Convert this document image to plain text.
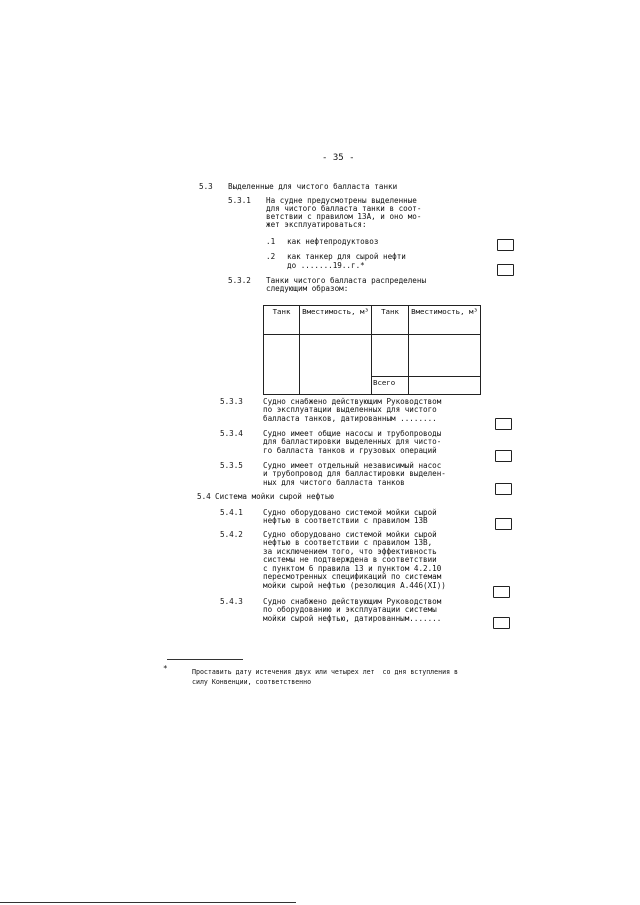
- 35 -
5.3 Выделенные для чистого балласта танки
5.3.1 На судне предусмотрены выделенные
для чистого балласта танки в соот-
ветствии с правилом 13А, и оно мо-
жет эксплуатироваться:
.1 как нефтепродуктовоз
.2 как танкер для сырой нефти
до .......19..г.*
5.3.2 Танки чистого балласта распределены
следующим образом:
Танк	Вместимость, м³	Танк	Вместимость, м³

		Всего	
5.3.3	Судно снабжено действующим Руководством
по эксплуатации выделенных для чистого
балласта танков, датированным ........
5.3.4	Судно имеет общие насосы и трубопроводы
для балластировки выделенных для чисто-
го балласта танков и грузовых операций
5.3.5	Судно имеет отдельный независимый насос
и трубопровод для балластировки выделен-
ных для чистого балласта танков
5.4 Система мойки сырой нефтью
5.4.1	Судно оборудовано системой мойки сырой
нефтью в соответствии с правилом 13В
5.4.2	Судно оборудовано системой мойки сырой
нефтью в соответствии с правилом 13В,
за исключением того, что эффективность
системы не подтверждена в соответствии
с пунктом 6 правила 13 и пунктом 4.2.10
пересмотренных спецификаций по системам
мойки сырой нефтью (резолюция А.446(XI))
5.4.3	Судно снабжено действующим Руководством
по оборудованию и эксплуатации системы
мойки сырой нефтью, датированным.......
*	Проставить дату истечения двух или четырех лет  со дня вступления в
силу Конвенции, соответственно
